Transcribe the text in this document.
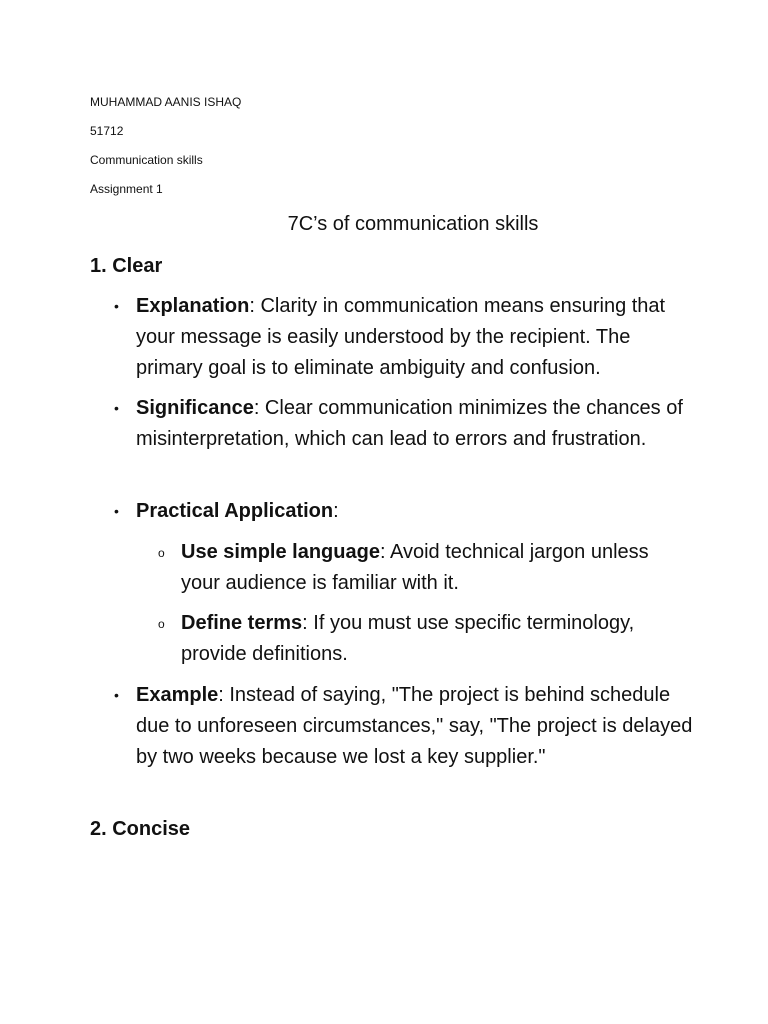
MUHAMMAD AANIS ISHAQ
51712
Communication skills
Assignment 1
7C’s of communication skills
1. Clear
• Explanation: Clarity in communication means ensuring that your message is easily understood by the recipient. The primary goal is to eliminate ambiguity and confusion.
• Significance: Clear communication minimizes the chances of misinterpretation, which can lead to errors and frustration.
• Practical Application:
o Use simple language: Avoid technical jargon unless your audience is familiar with it.
o Define terms: If you must use specific terminology, provide definitions.
• Example: Instead of saying, "The project is behind schedule due to unforeseen circumstances," say, "The project is delayed by two weeks because we lost a key supplier."
2. Concise
